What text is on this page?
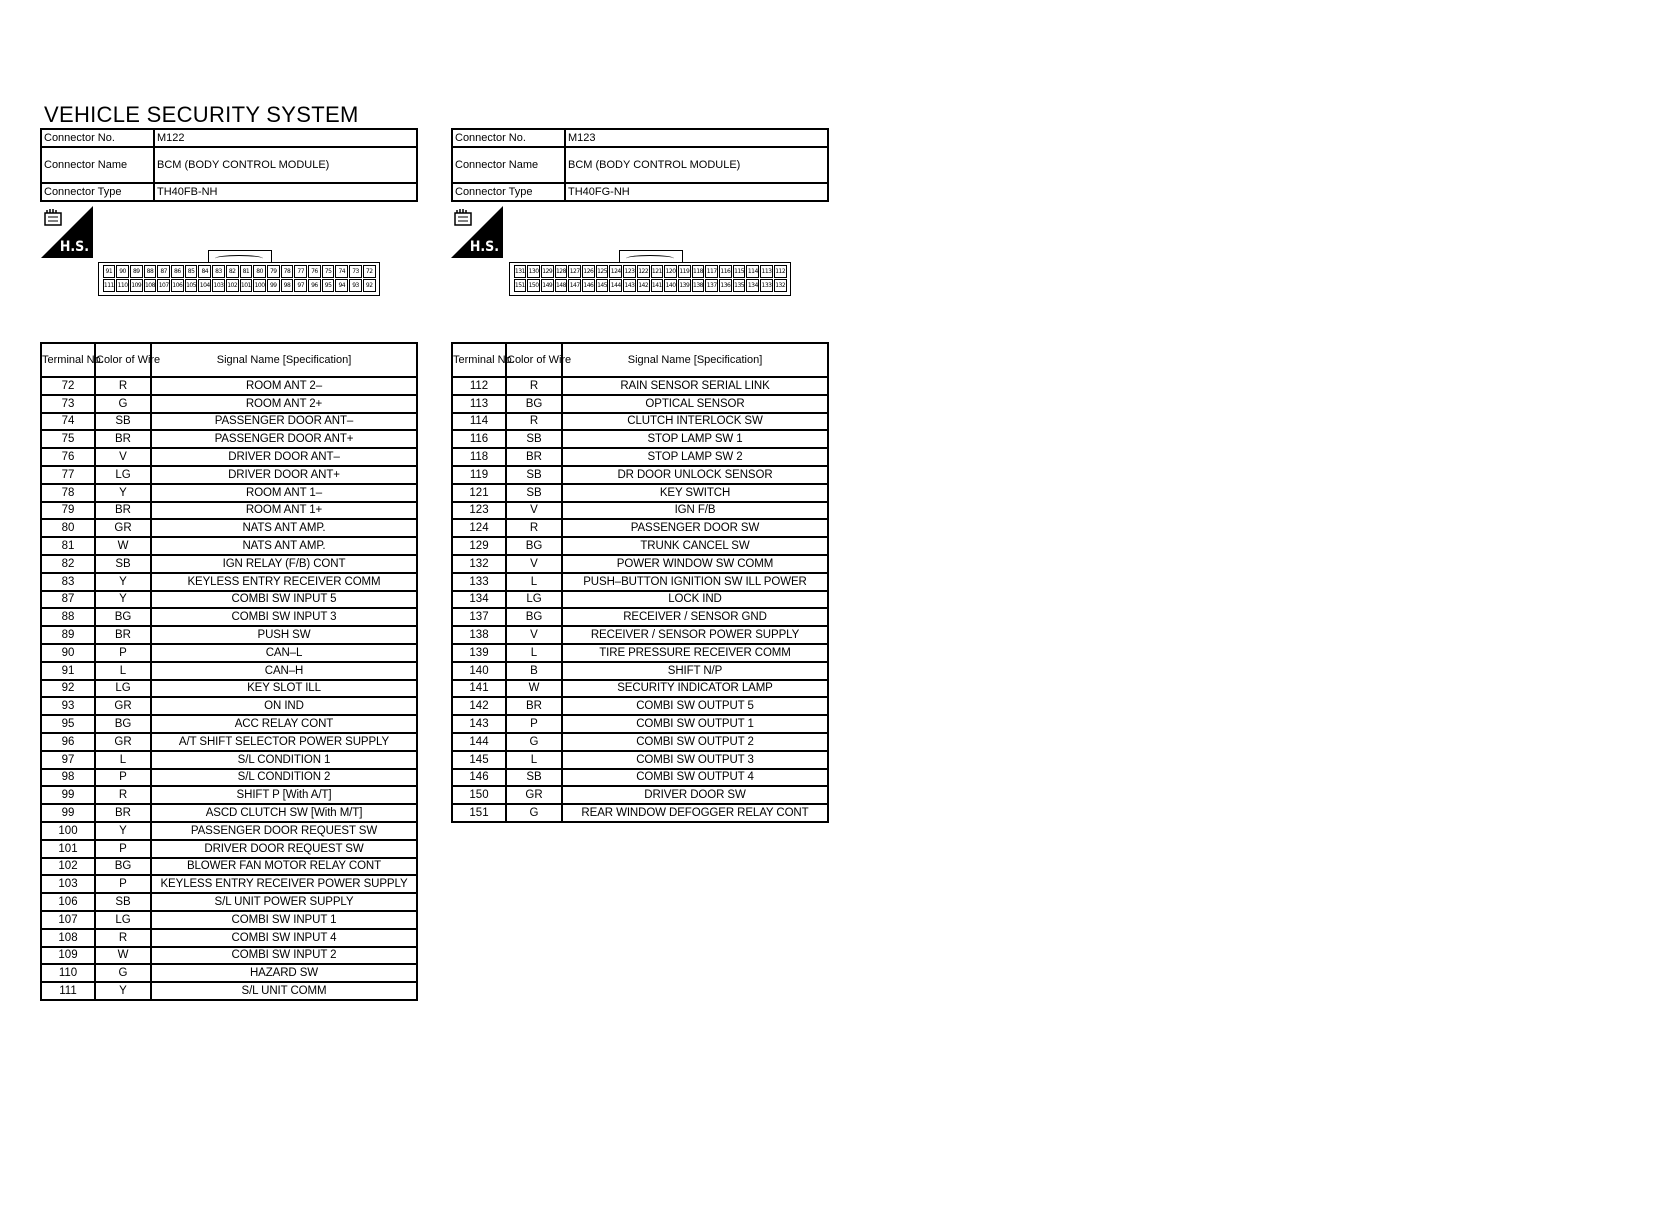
VEHICLE SECURITY SYSTEM
Connector No.	M122
Connector Name	BCM (BODY CONTROL MODULE)
Connector Type	TH40FB-NH
Connector No.	M123
Connector Name	BCM (BODY CONTROL MODULE)
Connector Type	TH40FG-NH
H.S.	H.S.
91	90	89	88	87	86	85	84	83	82	81	80	79	78	77	76	75	74	73	72
111 110 109 108 107 106 105 104 103 102 101 100 99	98	97	96	95	94	93	92
131 130 129 128 127 126 125 124 123 122 121 120 119 118 117 116 115 114 113 112
151 150 149 148 147 146 145 144 143 142 141 140 139 138 137 136 135 134 133 132
Terminal No.	Color of Wire	Signal Name [Specification]
72	R	ROOM ANT 2–
73	G	ROOM ANT 2+
74	SB	PASSENGER DOOR ANT–
75	BR	PASSENGER DOOR ANT+
76	V	DRIVER DOOR ANT–
77	LG	DRIVER DOOR ANT+
78	Y	ROOM ANT 1–
79	BR	ROOM ANT 1+
80	GR	NATS ANT AMP.
81	W	NATS ANT AMP.
82	SB	IGN RELAY (F/B) CONT
83	Y	KEYLESS ENTRY RECEIVER COMM
87	Y	COMBI SW INPUT 5
88	BG	COMBI SW INPUT 3
89	BR	PUSH SW
90	P	CAN–L
91	L	CAN–H
92	LG	KEY SLOT ILL
93	GR	ON IND
95	BG	ACC RELAY CONT
96	GR	A/T SHIFT SELECTOR POWER SUPPLY
97	L	S/L CONDITION 1
98	P	S/L CONDITION 2
99	R	SHIFT P [With A/T]
99	BR	ASCD CLUTCH SW [With M/T]
100	Y	PASSENGER DOOR REQUEST SW
101	P	DRIVER DOOR REQUEST SW
102	BG	BLOWER FAN MOTOR RELAY CONT
103	P	KEYLESS ENTRY RECEIVER POWER SUPPLY
106	SB	S/L UNIT POWER SUPPLY
107	LG	COMBI SW INPUT 1
108	R	COMBI SW INPUT 4
109	W	COMBI SW INPUT 2
110	G	HAZARD SW
111	Y	S/L UNIT COMM
Terminal No.	Color of Wire	Signal Name [Specification]
112	R	RAIN SENSOR SERIAL LINK
113	BG	OPTICAL SENSOR
114	R	CLUTCH INTERLOCK SW
116	SB	STOP LAMP SW 1
118	BR	STOP LAMP SW 2
119	SB	DR DOOR UNLOCK SENSOR
121	SB	KEY SWITCH
123	V	IGN F/B
124	R	PASSENGER DOOR SW
129	BG	TRUNK CANCEL SW
132	V	POWER WINDOW SW COMM
133	L	PUSH–BUTTON IGNITION SW ILL POWER
134	LG	LOCK IND
137	BG	RECEIVER / SENSOR GND
138	V	RECEIVER / SENSOR POWER SUPPLY
139	L	TIRE PRESSURE RECEIVER COMM
140	B	SHIFT N/P
141	W	SECURITY INDICATOR LAMP
142	BR	COMBI SW OUTPUT 5
143	P	COMBI SW OUTPUT 1
144	G	COMBI SW OUTPUT 2
145	L	COMBI SW OUTPUT 3
146	SB	COMBI SW OUTPUT 4
150	GR	DRIVER DOOR SW
151	G	REAR WINDOW DEFOGGER RELAY CONT
